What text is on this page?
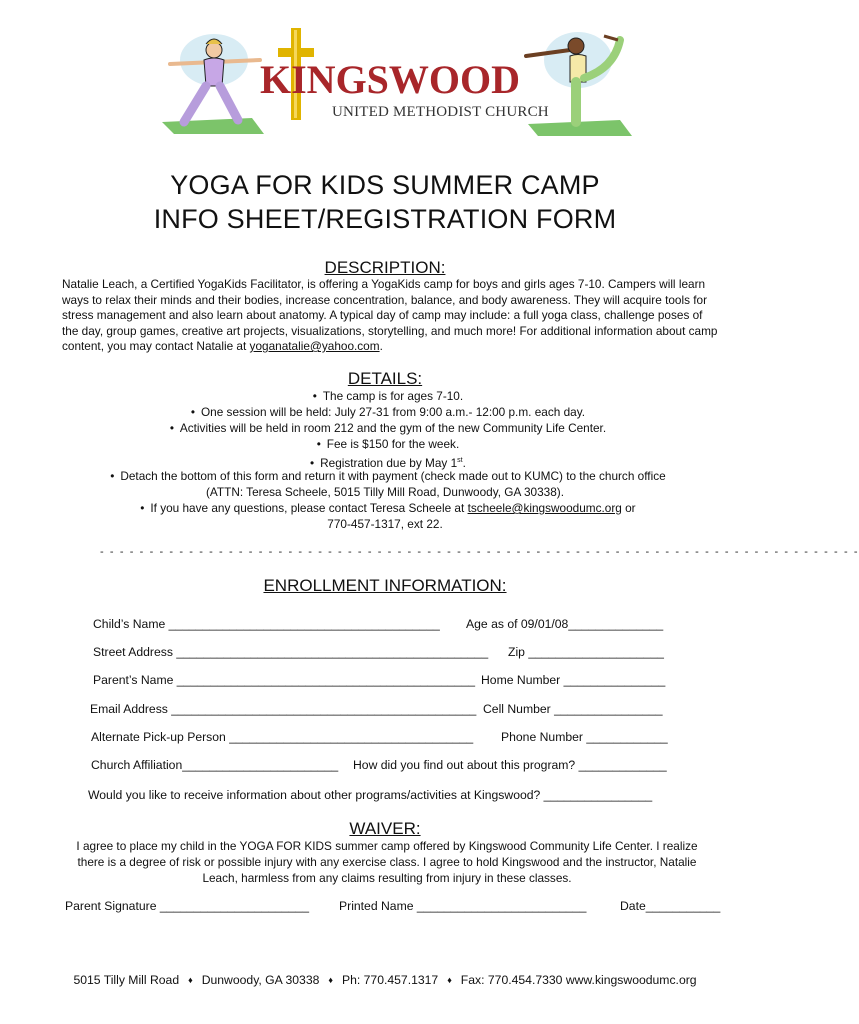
KINGSWOOD
UNITED METHODIST CHURCH
YOGA FOR KIDS SUMMER CAMP
INFO SHEET/REGISTRATION FORM
DESCRIPTION:
Natalie Leach, a Certified YogaKids Facilitator, is offering a YogaKids camp for boys and girls ages 7-10. Campers will learn ways to relax their minds and their bodies, increase concentration, balance, and body awareness. They will acquire tools for stress management and also learn about anatomy. A typical day of camp may include: a full yoga class, challenge poses of the day, group games, creative art projects, visualizations, storytelling, and much more! For additional information about camp content, you may contact Natalie at yoganatalie@yahoo.com.
DETAILS:
• The camp is for ages 7-10.
• One session will be held: July 27-31 from 9:00 a.m.- 12:00 p.m. each day.
• Activities will be held in room 212 and the gym of the new Community Life Center.
• Fee is $150 for the week.
• Registration due by May 1st.
• Detach the bottom of this form and return it with payment (check made out to KUMC) to the church office
(ATTN: Teresa Scheele, 5015 Tilly Mill Road, Dunwoody, GA 30338).
• If you have any questions, please contact Teresa Scheele at tscheele@kingswoodumc.org or
770-457-1317, ext 22.
- - - - - - - - - - - - - - - - - - - - - - - - - - - - - - - - - - - - - - - - - - - - - - - - - - - - - - - - - - - - - - - - - - - - - - - - - - - - -
ENROLLMENT INFORMATION:
Child’s Name ________________________________________ Age as of 09/01/08______________
Street Address ______________________________________________ Zip ____________________
Parent’s Name ____________________________________________ Home Number _______________
Email Address _____________________________________________ Cell Number ________________
Alternate Pick-up Person ____________________________________ Phone Number ____________
Church Affiliation_______________________ How did you find out about this program? _____________
Would you like to receive information about other programs/activities at Kingswood? ________________
WAIVER:
I agree to place my child in the YOGA FOR KIDS summer camp offered by Kingswood Community Life Center. I realize there is a degree of risk or possible injury with any exercise class. I agree to hold Kingswood and the instructor, Natalie Leach, harmless from any claims resulting from injury in these classes.
Parent Signature ______________________ Printed Name _________________________	Date___________
5015 Tilly Mill Road ♦ Dunwoody, GA 30338 ♦ Ph: 770.457.1317 ♦ Fax: 770.454.7330 www.kingswoodumc.org
